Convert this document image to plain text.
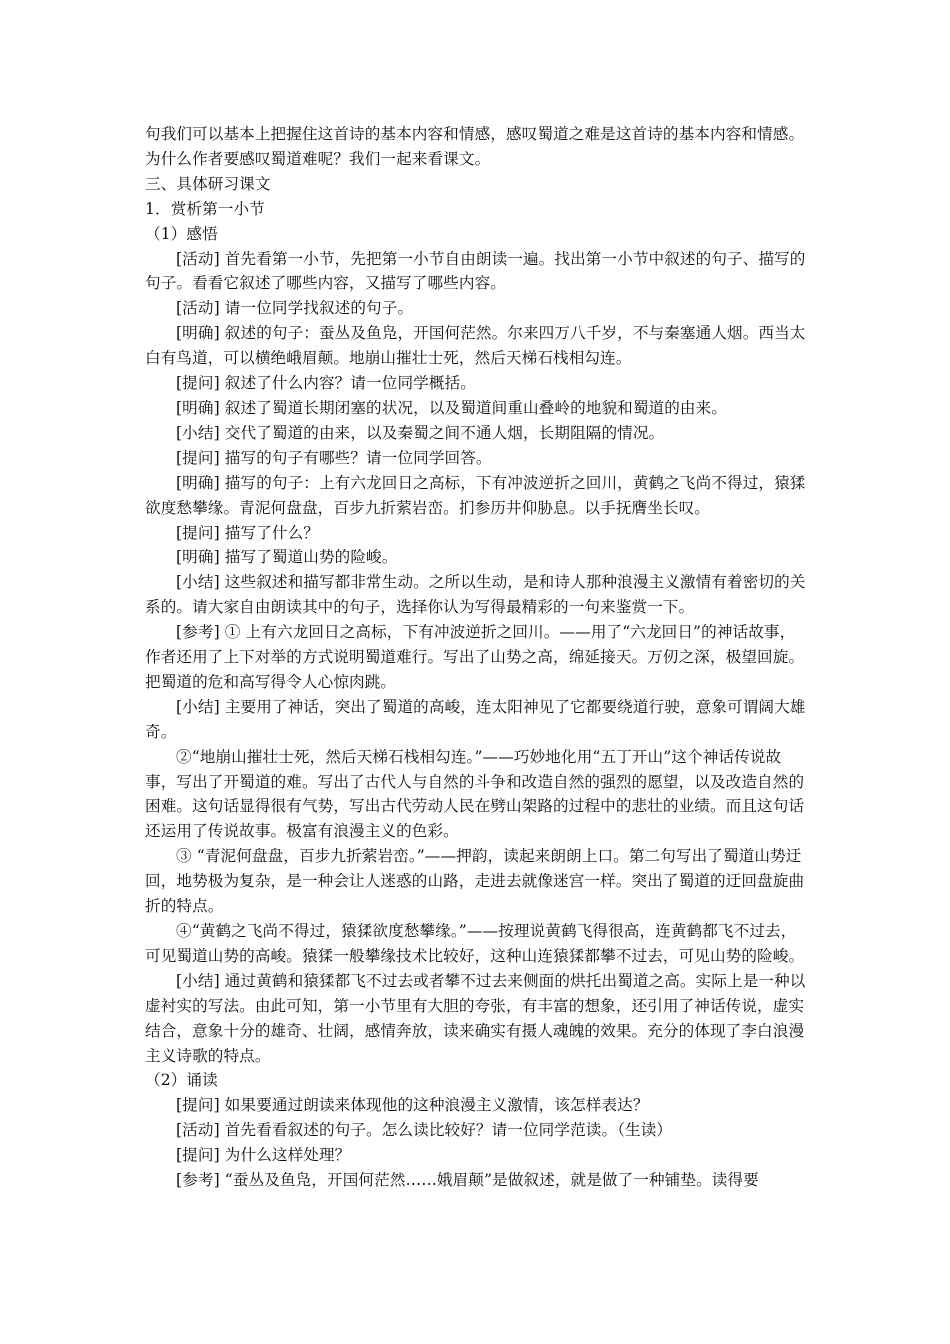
句我们可以基本上把握住这首诗的基本内容和情感，感叹蜀道之难是这首诗的基本内容和情感。为什么作者要感叹蜀道难呢？我们一起来看课文。

三、具体研习课文

1．赏析第一小节

（1）感悟

[活动] 首先看第一小节，先把第一小节自由朗读一遍。找出第一小节中叙述的句子、描写的句子。看看它叙述了哪些内容，又描写了哪些内容。

[活动] 请一位同学找叙述的句子。

[明确] 叙述的句子：蚕丛及鱼凫，开国何茫然。尔来四万八千岁，不与秦塞通人烟。西当太白有鸟道，可以横绝峨眉颠。地崩山摧壮士死，然后天梯石栈相勾连。

[提问] 叙述了什么内容？请一位同学概括。

[明确] 叙述了蜀道长期闭塞的状况，以及蜀道间重山叠岭的地貌和蜀道的由来。

[小结] 交代了蜀道的由来，以及秦蜀之间不通人烟，长期阻隔的情况。

[提问] 描写的句子有哪些？请一位同学回答。

[明确] 描写的句子：上有六龙回日之高标，下有冲波逆折之回川，黄鹤之飞尚不得过，猿猱欲度愁攀缘。青泥何盘盘，百步九折萦岩峦。扪参历井仰胁息。以手抚膺坐长叹。

[提问] 描写了什么？

[明确] 描写了蜀道山势的险峻。

[小结] 这些叙述和描写都非常生动。之所以生动，是和诗人那种浪漫主义激情有着密切的关系的。请大家自由朗读其中的句子，选择你认为写得最精彩的一句来鉴赏一下。

[参考] ① 上有六龙回日之高标，下有冲波逆折之回川。——用了“六龙回日”的神话故事，作者还用了上下对举的方式说明蜀道难行。写出了山势之高，绵延接天。万仞之深，极望回旋。把蜀道的危和高写得令人心惊肉跳。

[小结] 主要用了神话，突出了蜀道的高峻，连太阳神见了它都要绕道行驶，意象可谓阔大雄奇。

②“地崩山摧壮士死，然后天梯石栈相勾连。”——巧妙地化用“五丁开山”这个神话传说故事，写出了开蜀道的难。写出了古代人与自然的斗争和改造自然的强烈的愿望，以及改造自然的困难。这句话显得很有气势，写出古代劳动人民在劈山架路的过程中的悲壮的业绩。而且这句话还运用了传说故事。极富有浪漫主义的色彩。

③ “青泥何盘盘，百步九折萦岩峦。”——押韵，读起来朗朗上口。第二句写出了蜀道山势迂回，地势极为复杂，是一种会让人迷惑的山路，走进去就像迷宫一样。突出了蜀道的迂回盘旋曲折的特点。

④“黄鹤之飞尚不得过，猿猱欲度愁攀缘。”——按理说黄鹤飞得很高，连黄鹤都飞不过去，可见蜀道山势的高峻。猿猱一般攀缘技术比较好，这种山连猿猱都攀不过去，可见山势的险峻。

[小结] 通过黄鹤和猿猱都飞不过去或者攀不过去来侧面的烘托出蜀道之高。实际上是一种以虚衬实的写法。由此可知，第一小节里有大胆的夸张，有丰富的想象，还引用了神话传说，虚实结合，意象十分的雄奇、壮阔，感情奔放，读来确实有摄人魂魄的效果。充分的体现了李白浪漫主义诗歌的特点。

（2）诵读

[提问] 如果要通过朗读来体现他的这种浪漫主义激情，该怎样表达？

[活动] 首先看看叙述的句子。怎么读比较好？请一位同学范读。（生读）

[提问] 为什么这样处理？

[参考] “蚕丛及鱼凫，开国何茫然……娥眉颠”是做叙述，就是做了一种铺垫。读得要
